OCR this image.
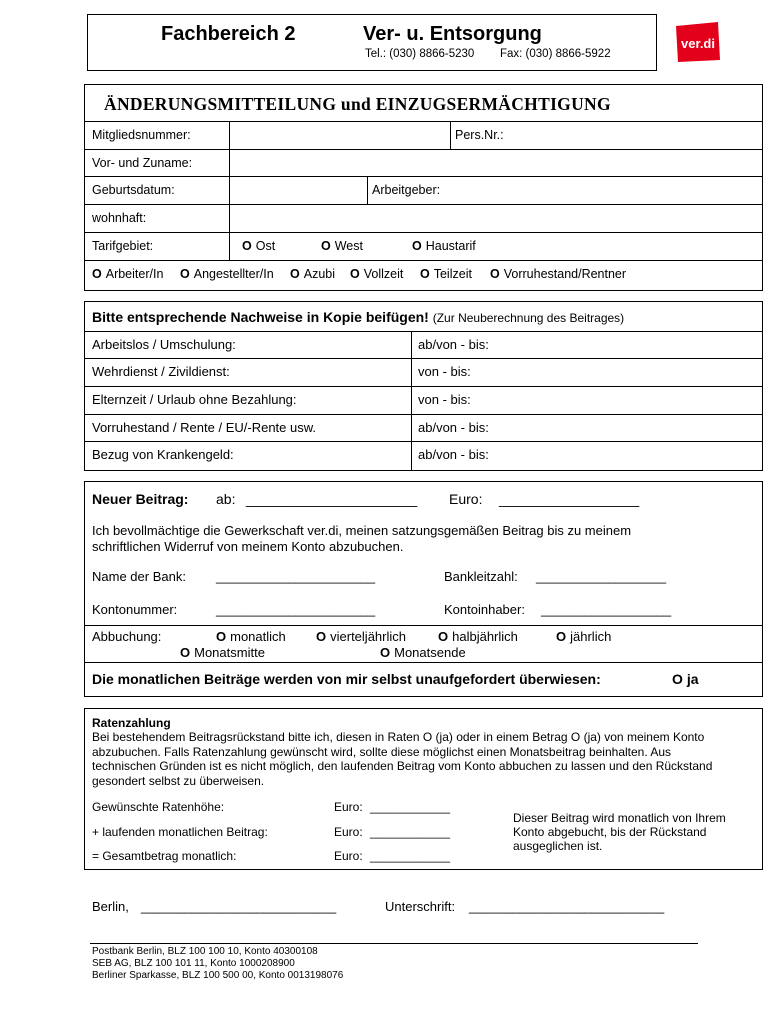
Fachbereich 2	Ver- u. Entsorgung
Tel.: (030) 8866-5230 Fax: (030) 8866-5922
ver.di
ÄNDERUNGSMITTEILUNG und EINZUGSERMÄCHTIGUNG
Mitgliedsnummer:	Pers.Nr.:
Vor- und Zuname:
Geburtsdatum:	Arbeitgeber:
wohnhaft:
Tarifgebiet:	O Ost	O West	O Haustarif
O Arbeiter/In O Angestellter/In O Azubi O Vollzeit O Teilzeit O Vorruhestand/Rentner
Bitte entsprechende Nachweise in Kopie beifügen! (Zur Neuberechnung des Beitrages)
Arbeitslos / Umschulung:	ab/von - bis:
Wehrdienst / Zivildienst:	von - bis:
Elternzeit / Urlaub ohne Bezahlung:	von - bis:
Vorruhestand / Rente / EU/-Rente usw.	ab/von - bis:
Bezug von Krankengeld:	ab/von - bis:
Neuer Beitrag: ab: ______________________ Euro: __________________
Ich bevollmächtige die Gewerkschaft ver.di, meinen satzungsgemäßen Beitrag bis zu meinem schriftlichen Widerruf von meinem Konto abzubuchen.
Name der Bank: ______________________	Bankleitzahl: __________________
Kontonummer:	______________________	Kontoinhaber: __________________
Abbuchung:	O monatlich O vierteljährlich O halbjährlich	O jährlich
O Monatsmitte	O Monatsende
Die monatlichen Beiträge werden von mir selbst unaufgefordert überwiesen:	O ja
Ratenzahlung
Bei bestehendem Beitragsrückstand bitte ich, diesen in Raten O (ja) oder in einem Betrag O (ja) von meinem Konto abzubuchen. Falls Ratenzahlung gewünscht wird, sollte diese möglichst einen Monatsbeitrag beinhalten. Aus technischen Gründen ist es nicht möglich, den laufenden Beitrag vom Konto abbuchen zu lassen und den Rückstand gesondert selbst zu überweisen.
Gewünschte Ratenhöhe:	Euro: ____________
+ laufenden monatlichen Beitrag:	Euro: ____________
= Gesamtbetrag monatlich:	Euro: ____________
Dieser Beitrag wird monatlich von Ihrem Konto abgebucht, bis der Rückstand ausgeglichen ist.
Berlin, ___________________________	Unterschrift: ___________________________
Postbank Berlin, BLZ 100 100 10, Konto 40300108
SEB AG, BLZ 100 101 11, Konto 1000208900
Berliner Sparkasse, BLZ 100 500 00, Konto 0013198076
